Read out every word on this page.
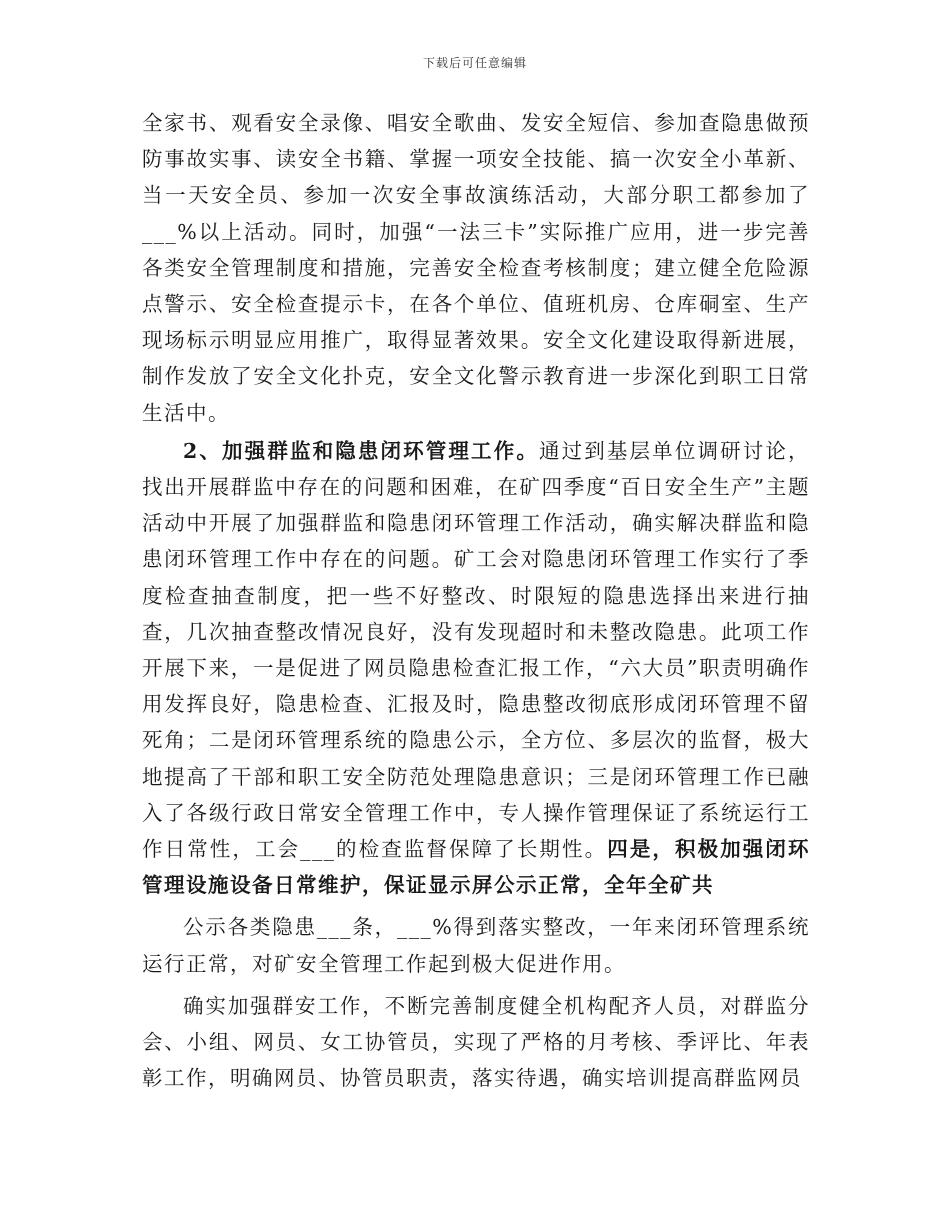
下载后可任意编辑

全家书、观看安全录像、唱安全歌曲、发安全短信、参加查隐患做预防事故实事、读安全书籍、掌握一项安全技能、搞一次安全小革新、当一天安全员、参加一次安全事故演练活动，大部分职工都参加了___%以上活动。同时，加强“一法三卡”实际推广应用，进一步完善各类安全管理制度和措施，完善安全检查考核制度；建立健全危险源点警示、安全检查提示卡，在各个单位、值班机房、仓库硐室、生产现场标示明显应用推广，取得显著效果。安全文化建设取得新进展，制作发放了安全文化扑克，安全文化警示教育进一步深化到职工日常生活中。

2、加强群监和隐患闭环管理工作。通过到基层单位调研讨论，找出开展群监中存在的问题和困难，在矿四季度“百日安全生产”主题活动中开展了加强群监和隐患闭环管理工作活动，确实解决群监和隐患闭环管理工作中存在的问题。矿工会对隐患闭环管理工作实行了季度检查抽查制度，把一些不好整改、时限短的隐患选择出来进行抽查，几次抽查整改情况良好，没有发现超时和未整改隐患。此项工作开展下来，一是促进了网员隐患检查汇报工作，“六大员”职责明确作用发挥良好，隐患检查、汇报及时，隐患整改彻底形成闭环管理不留死角；二是闭环管理系统的隐患公示，全方位、多层次的监督，极大地提高了干部和职工安全防范处理隐患意识；三是闭环管理工作已融入了各级行政日常安全管理工作中，专人操作管理保证了系统运行工作日常性，工会___的检查监督保障了长期性。四是，积极加强闭环管理设施设备日常维护，保证显示屏公示正常，全年全矿共

公示各类隐患___条，___%得到落实整改，一年来闭环管理系统运行正常，对矿安全管理工作起到极大促进作用。

确实加强群安工作，不断完善制度健全机构配齐人员，对群监分会、小组、网员、女工协管员，实现了严格的月考核、季评比、年表彰工作，明确网员、协管员职责，落实待遇，确实培训提高群监网员
